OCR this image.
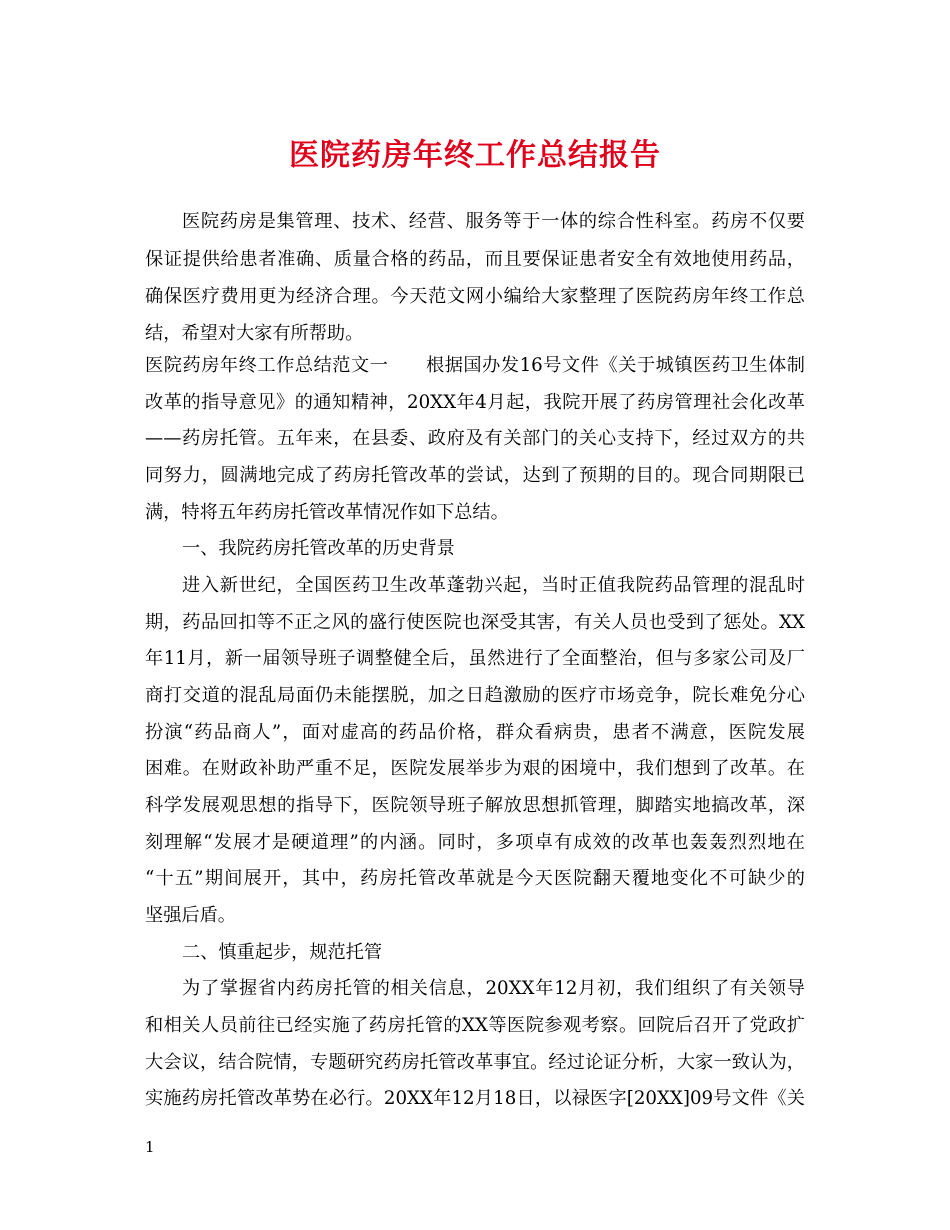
医院药房年终工作总结报告
医院药房是集管理、技术、经营、服务等于一体的综合性科室。药房不仅要
保证提供给患者准确、质量合格的药品，而且要保证患者安全有效地使用药品，
确保医疗费用更为经济合理。今天范文网小编给大家整理了医院药房年终工作总
结，希望对大家有所帮助。
医院药房年终工作总结范文一　　根据国办发16号文件《关于城镇医药卫生体制
改革的指导意见》的通知精神，20XX年4月起，我院开展了药房管理社会化改革
——药房托管。五年来，在县委、政府及有关部门的关心支持下，经过双方的共
同努力，圆满地完成了药房托管改革的尝试，达到了预期的目的。现合同期限已
满，特将五年药房托管改革情况作如下总结。
一、我院药房托管改革的历史背景
进入新世纪，全国医药卫生改革蓬勃兴起，当时正值我院药品管理的混乱时
期，药品回扣等不正之风的盛行使医院也深受其害，有关人员也受到了惩处。XX
年11月，新一届领导班子调整健全后，虽然进行了全面整治，但与多家公司及厂
商打交道的混乱局面仍未能摆脱，加之日趋激励的医疗市场竞争，院长难免分心
扮演“药品商人”，面对虚高的药品价格，群众看病贵，患者不满意，医院发展
困难。在财政补助严重不足，医院发展举步为艰的困境中，我们想到了改革。在
科学发展观思想的指导下，医院领导班子解放思想抓管理，脚踏实地搞改革，深
刻理解“发展才是硬道理”的内涵。同时，多项卓有成效的改革也轰轰烈烈地在
“十五”期间展开，其中，药房托管改革就是今天医院翻天覆地变化不可缺少的
坚强后盾。
二、慎重起步，规范托管
为了掌握省内药房托管的相关信息，20XX年12月初，我们组织了有关领导
和相关人员前往已经实施了药房托管的XX等医院参观考察。回院后召开了党政扩
大会议，结合院情，专题研究药房托管改革事宜。经过论证分析，大家一致认为，
实施药房托管改革势在必行。20XX年12月18日，以禄医字[20XX]09号文件《关
1
